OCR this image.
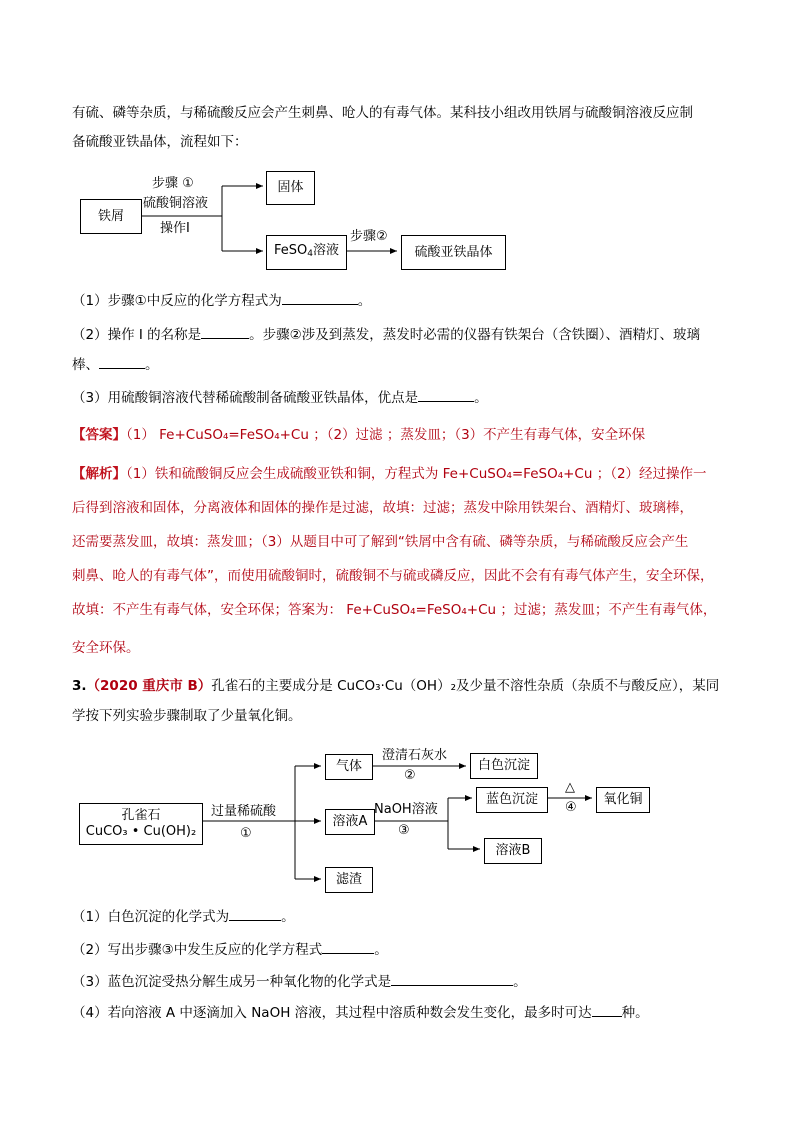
有硫、磷等杂质，与稀硫酸反应会产生刺鼻、呛人的有毒气体。某科技小组改用铁屑与硫酸铜溶液反应制
备硫酸亚铁晶体，流程如下：
铁屑
步骤 ①
硫酸铜溶液
操作I
固体
FeSO$_4$溶液
步骤②
硫酸亚铁晶体
（1）步骤①中反应的化学方程式为	。
（2）操作 I 的名称是	。步骤②涉及到蒸发，蒸发时必需的仪器有铁架台（含铁圈）、酒精灯、玻璃
棒、	。
（3）用硫酸铜溶液代替稀硫酸制备硫酸亚铁晶体，优点是	。
【答案】（1） Fe+CuSO₄=FeSO₄+Cu ；（2）过滤 ；蒸发皿；（3）不产生有毒气体，安全环保
【解析】（1）铁和硫酸铜反应会生成硫酸亚铁和铜，方程式为 Fe+CuSO₄=FeSO₄+Cu ；（2）经过操作一
后得到溶液和固体，分离液体和固体的操作是过滤，故填：过滤；蒸发中除用铁架台、酒精灯、玻璃棒，
还需要蒸发皿，故填：蒸发皿；（3）从题目中可了解到“铁屑中含有硫、磷等杂质，与稀硫酸反应会产生
刺鼻、呛人的有毒气体”，而使用硫酸铜时，硫酸铜不与硫或磷反应，因此不会有有毒气体产生，安全环保，
故填：不产生有毒气体，安全环保；答案为： Fe+CuSO₄=FeSO₄+Cu ；过滤；蒸发皿；不产生有毒气体，
安全环保。
3.（2020 重庆市 B）孔雀石的主要成分是 CuCO₃·Cu（OH）₂及少量不溶性杂质（杂质不与酸反应），某同
学按下列实验步骤制取了少量氧化铜。
孔雀石
CuCO₃ • Cu(OH)₂
过量稀硫酸
①
气体
澄清石灰水
②
白色沉淀
溶液A
NaOH溶液
③
蓝色沉淀
△
④
氧化铜
溶液B
滤渣
（1）白色沉淀的化学式为	。
（2）写出步骤③中发生反应的化学方程式	。
（3）蓝色沉淀受热分解生成另一种氧化物的化学式是	。
（4）若向溶液 A 中逐滴加入 NaOH 溶液，其过程中溶质种数会发生变化，最多时可达 种。
